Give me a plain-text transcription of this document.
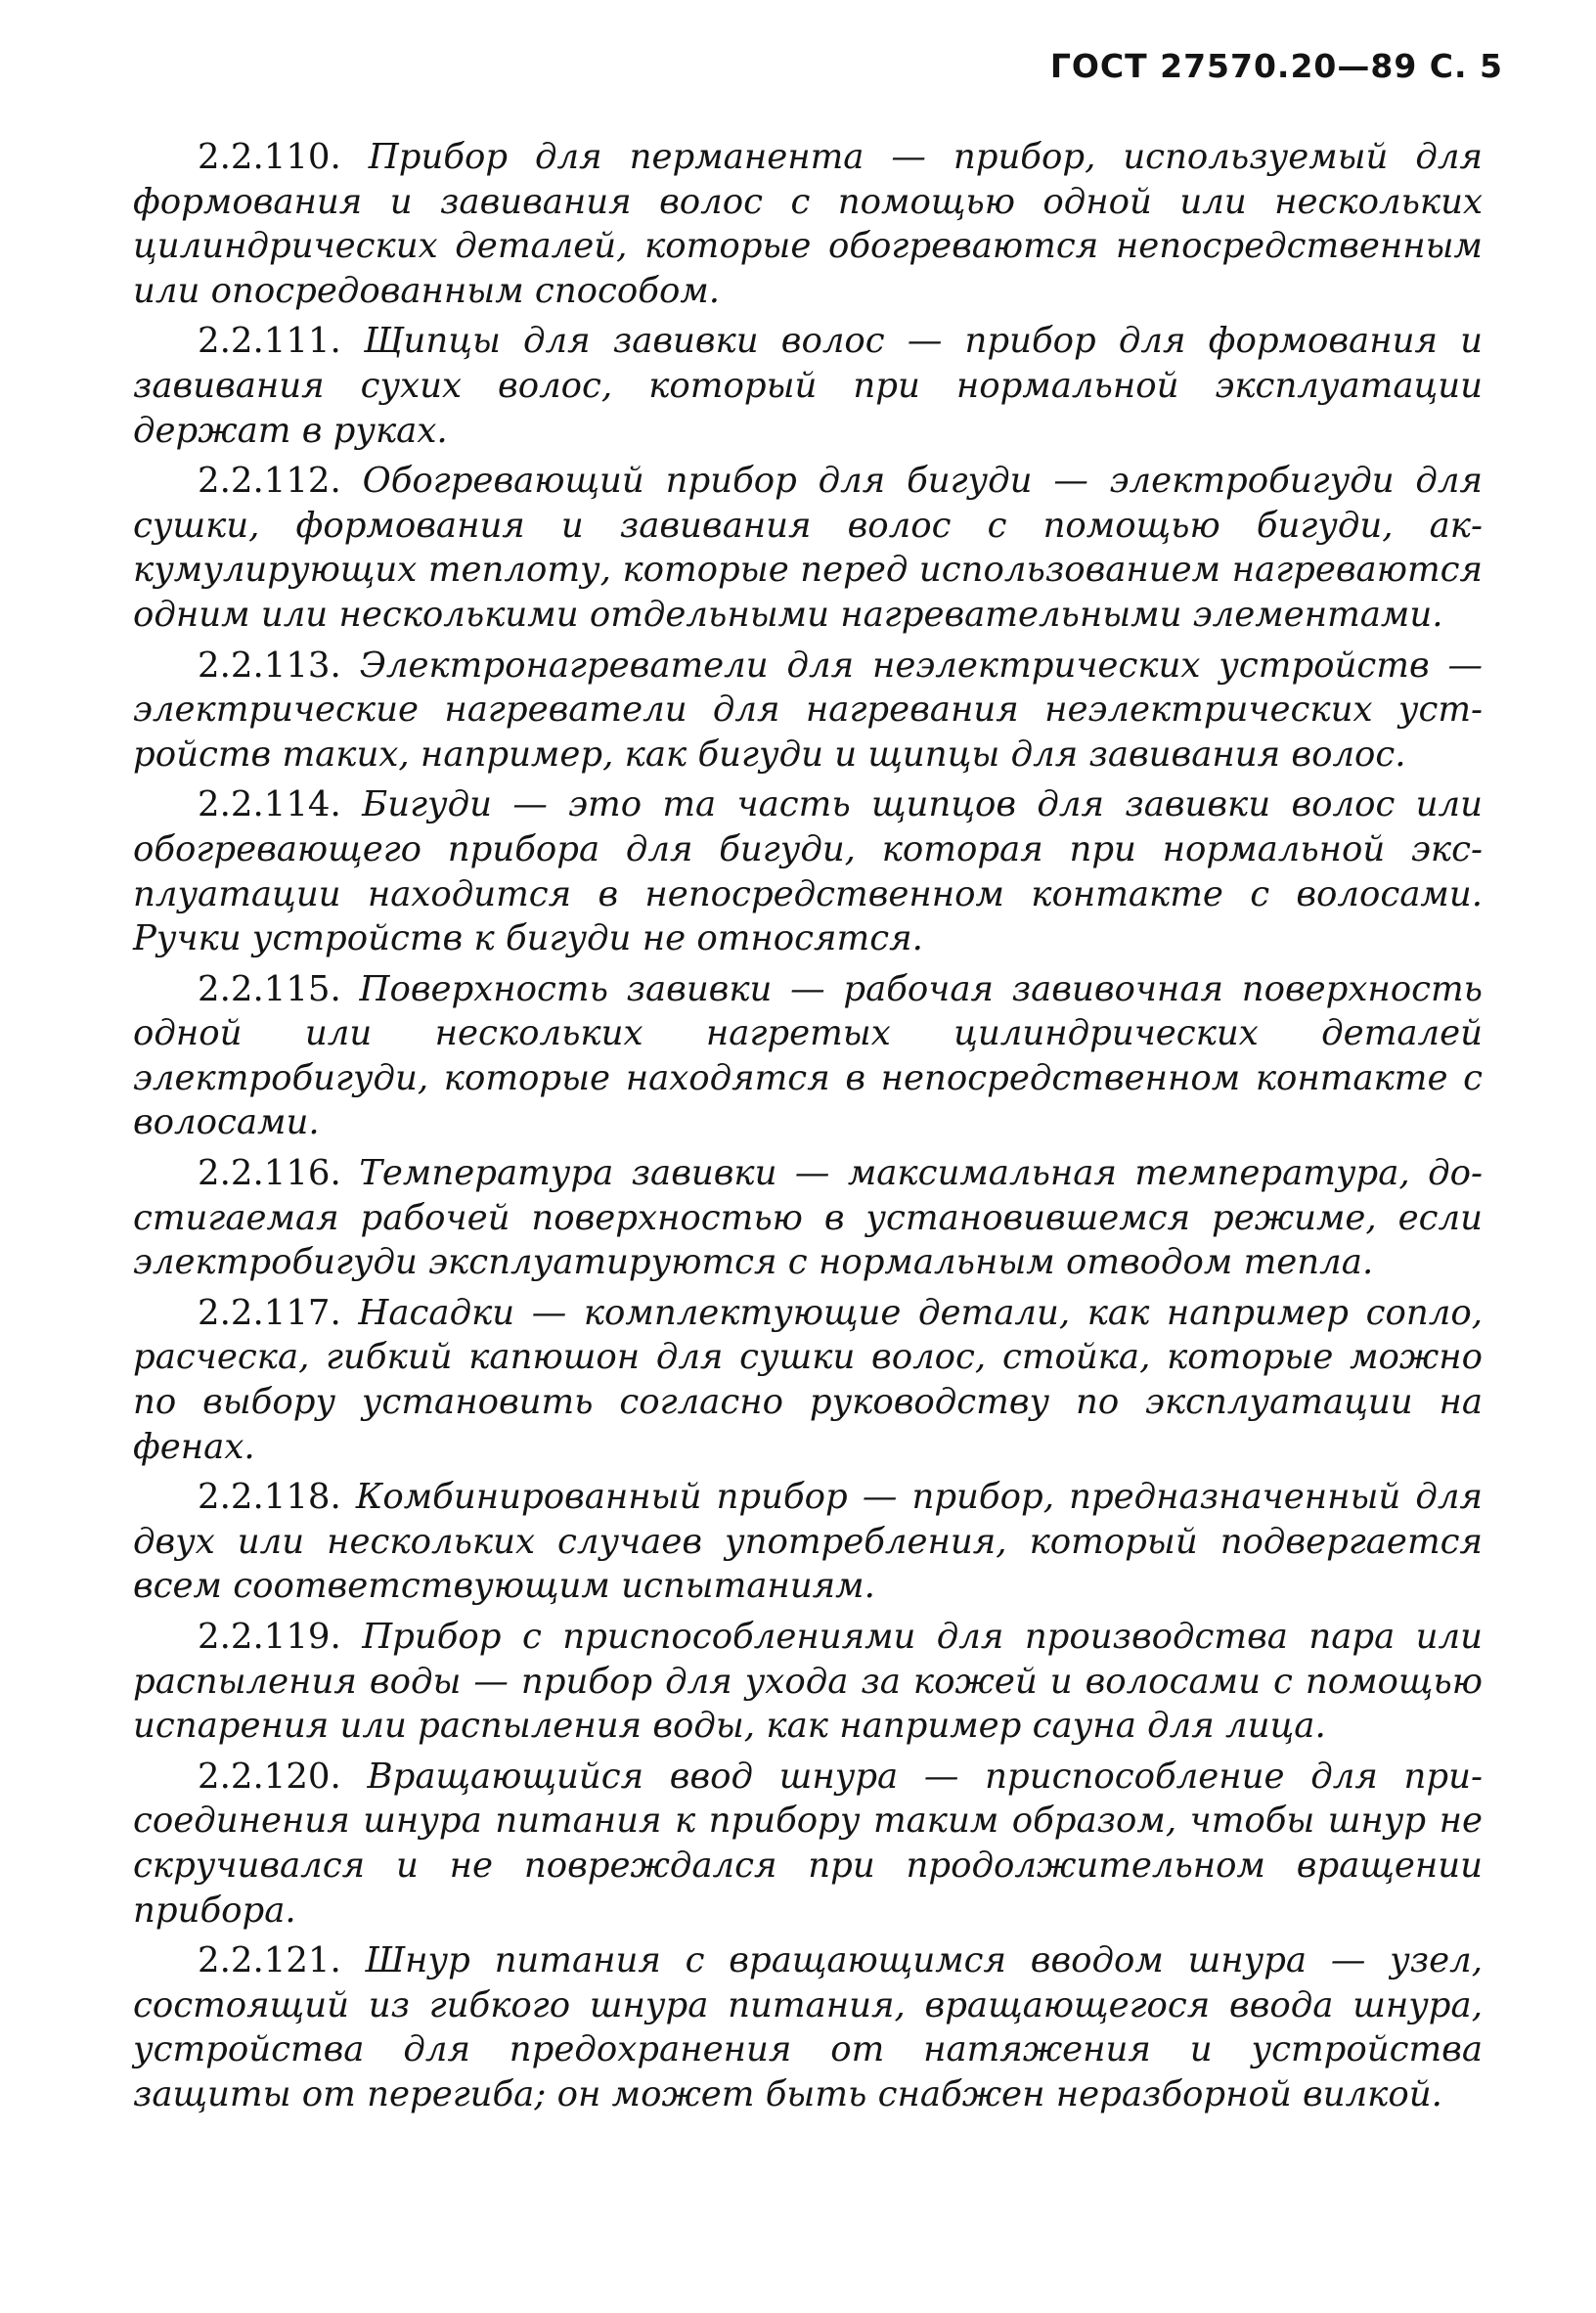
ГОСТ 27570.20—89 С. 5

2.2.110. Прибор для перманента — прибор, используемый для формования и завивания волос с помощью одной или нескольких цилиндрических деталей, которые обогреваются непосредственным или опосредованным способом.

2.2.111. Щипцы для завивки волос — прибор для формования и завивания сухих волос, который при нормальной эксплуатации держат в руках.

2.2.112. Обогревающий прибор для бигуди — электробигуди для сушки, формования и завивания волос с помощью бигуди, аккумулирующих теплоту, которые перед использованием нагреваются одним или несколькими отдельными нагревательными элементами.

2.2.113. Электронагреватели для неэлектрических устройств — электрические нагреватели для нагревания неэлектрических устройств таких, например, как бигуди и щипцы для завивания волос.

2.2.114. Бигуди — это та часть щипцов для завивки волос или обогревающего прибора для бигуди, которая при нормальной эксплуатации находится в непосредственном контакте с волосами. Ручки устройств к бигуди не относятся.

2.2.115. Поверхность завивки — рабочая завивочная поверхность одной или нескольких нагретых цилиндрических деталей электробигуди, которые находятся в непосредственном контакте с волосами.

2.2.116. Температура завивки — максимальная температура, достигаемая рабочей поверхностью в установившемся режиме, если электробигуди эксплуатируются с нормальным отводом тепла.

2.2.117. Насадки — комплектующие детали, как например сопло, расческа, гибкий капюшон для сушки волос, стойка, которые можно по выбору установить согласно руководству по эксплуатации на фенах.

2.2.118. Комбинированный прибор — прибор, предназначенный для двух или нескольких случаев употребления, который подвергается всем соответствующим испытаниям.

2.2.119. Прибор с приспособлениями для производства пара или распыления воды — прибор для ухода за кожей и волосами с помощью испарения или распыления воды, как например сауна для лица.

2.2.120. Вращающийся ввод шнура — приспособление для присоединения шнура питания к прибору таким образом, чтобы шнур не скручивался и не повреждался при продолжительном вращении прибора.

2.2.121. Шнур питания с вращающимся вводом шнура — узел, состоящий из гибкого шнура питания, вращающегося ввода шнура, устройства для предохранения от натяжения и устройства защиты от перегиба; он может быть снабжен неразборной вилкой.
